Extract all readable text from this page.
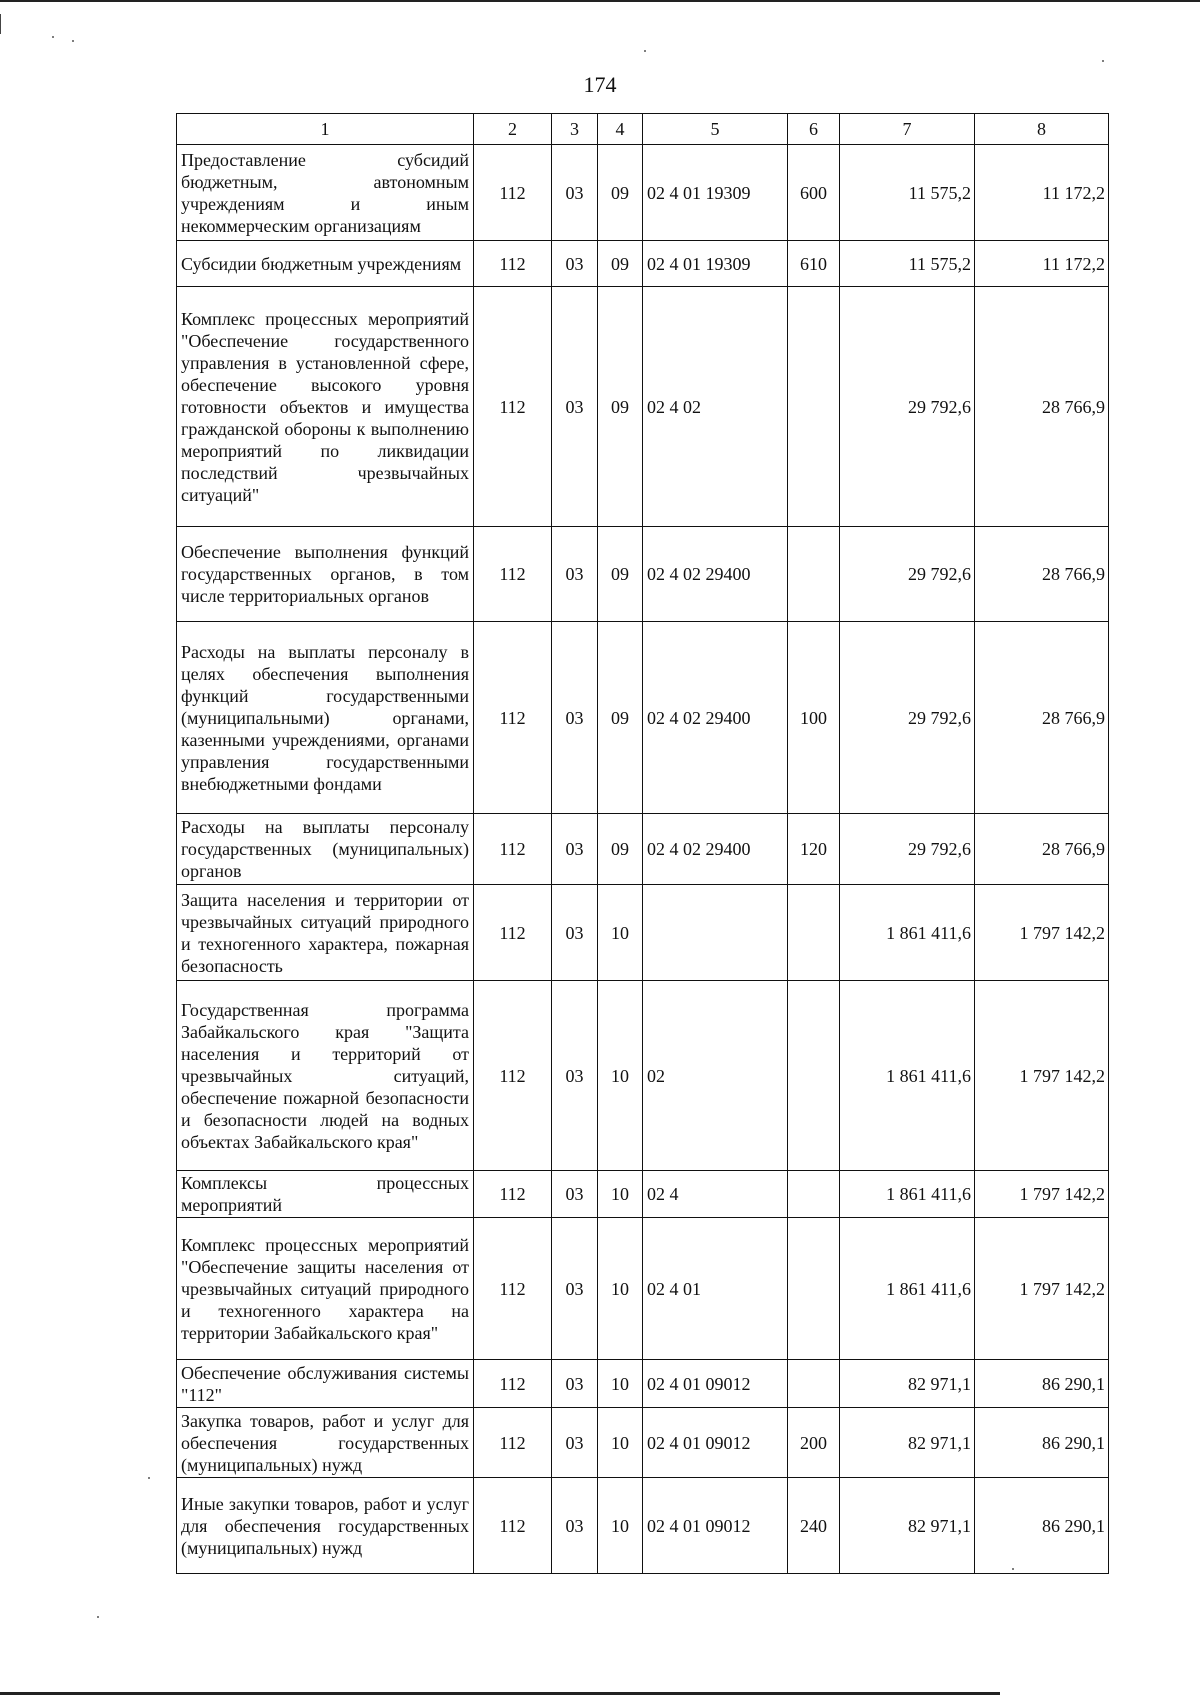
174
1	2	3	4	5	6	7	8
Предоставление субсидий бюджетным, автономным учреждениям и иным некоммерческим организациям	112	03	09	02 4 01 19309	600	11 575,2	11 172,2
Субсидии бюджетным учреждениям	112	03	09	02 4 01 19309	610	11 575,2	11 172,2
Комплекс процессных мероприятий "Обеспечение государственного управления в установленной сфере, обеспечение высокого уровня готовности объектов и имущества гражданской обороны к выполнению мероприятий по ликвидации последствий чрезвычайных ситуаций"	112	03	09	02 4 02		29 792,6	28 766,9
Обеспечение выполнения функций государственных органов, в том числе территориальных органов	112	03	09	02 4 02 29400		29 792,6	28 766,9
Расходы на выплаты персоналу в целях обеспечения выполнения функций государственными (муниципальными) органами, казенными учреждениями, органами управления государственными внебюджетными фондами	112	03	09	02 4 02 29400	100	29 792,6	28 766,9
Расходы на выплаты персоналу государственных (муниципальных) органов	112	03	09	02 4 02 29400	120	29 792,6	28 766,9
Защита населения и территории от чрезвычайных ситуаций природного и техногенного характера, пожарная безопасность	112	03	10			1 861 411,6	1 797 142,2
Государственная программа Забайкальского края "Защита населения и территорий от чрезвычайных ситуаций, обеспечение пожарной безопасности и безопасности людей на водных объектах Забайкальского края"	112	03	10	02		1 861 411,6	1 797 142,2
Комплексы процессных мероприятий	112	03	10	02 4		1 861 411,6	1 797 142,2
Комплекс процессных мероприятий "Обеспечение защиты населения от чрезвычайных ситуаций природного и техногенного характера на территории Забайкальского края"	112	03	10	02 4 01		1 861 411,6	1 797 142,2
Обеспечение обслуживания системы "112"	112	03	10	02 4 01 09012		82 971,1	86 290,1
Закупка товаров, работ и услуг для обеспечения государственных (муниципальных) нужд	112	03	10	02 4 01 09012	200	82 971,1	86 290,1
Иные закупки товаров, работ и услуг для обеспечения государственных (муниципальных) нужд	112	03	10	02 4 01 09012	240	82 971,1	86 290,1
